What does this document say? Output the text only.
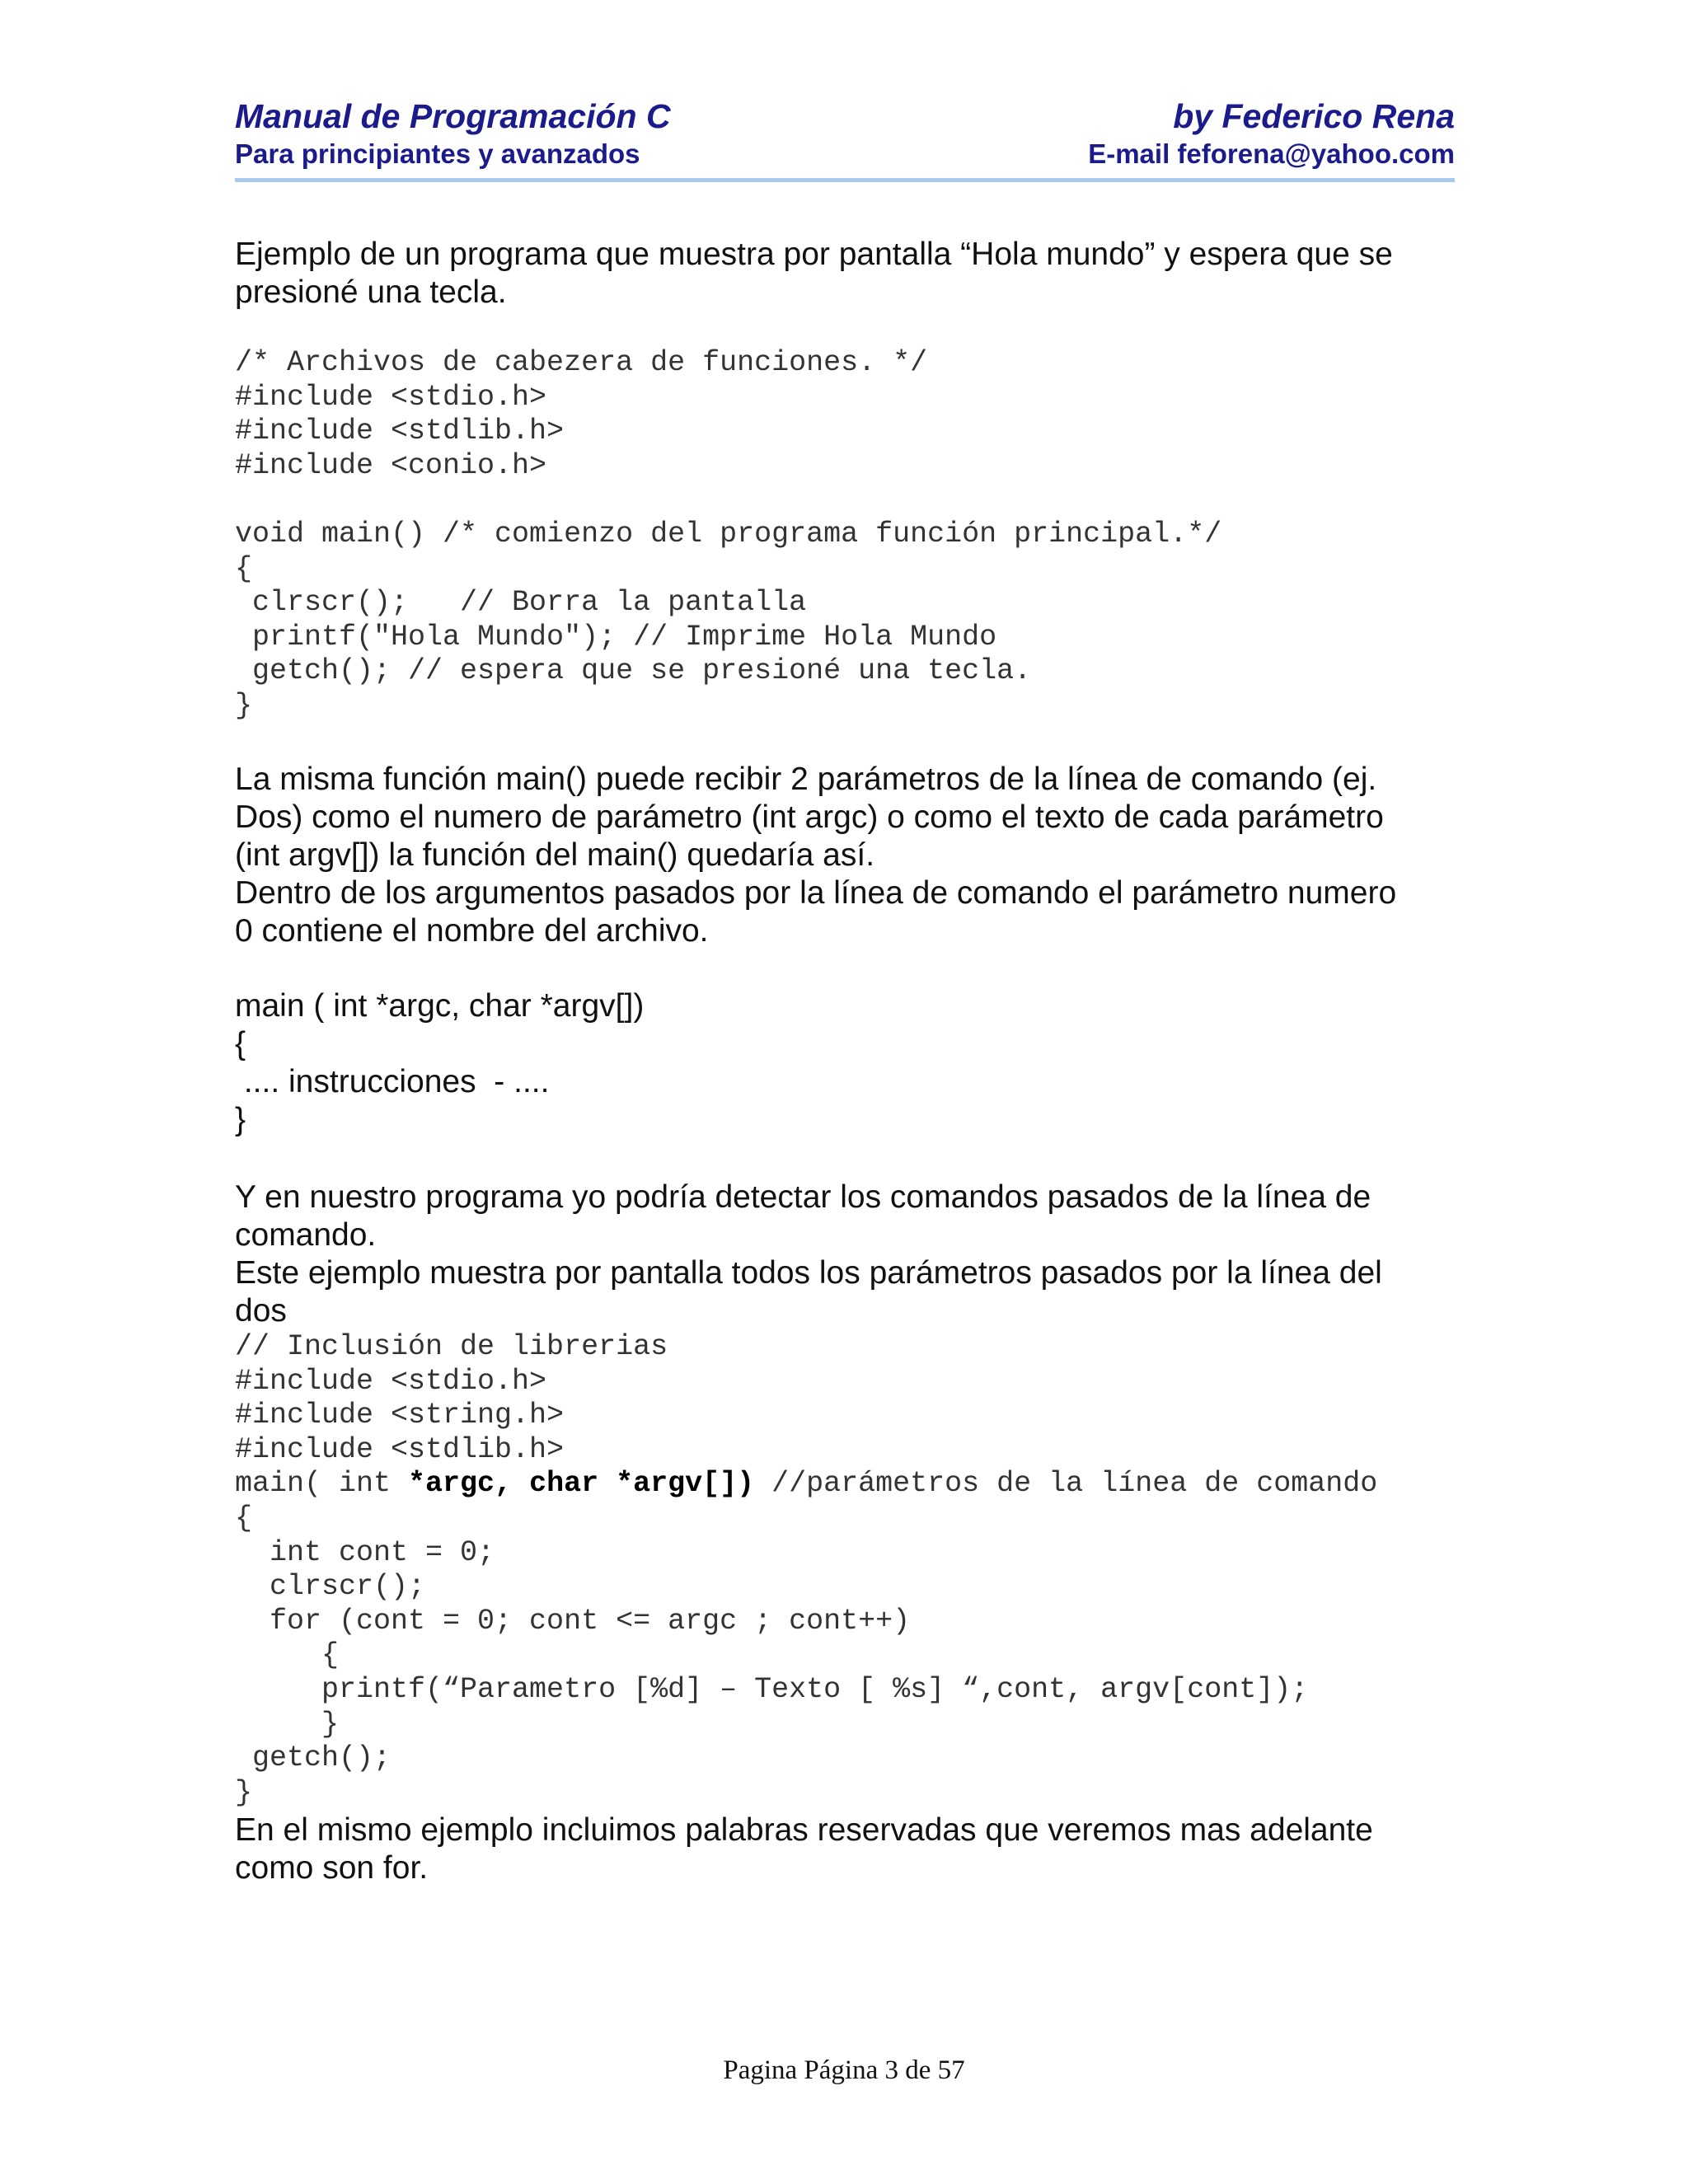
Manual de Programación C	by Federico Rena
Para principiantes y avanzados	E-mail feforena@yahoo.com

Ejemplo de un programa que muestra por pantalla “Hola mundo” y espera que se
presioné una tecla.

/* Archivos de cabezera de funciones. */
#include <stdio.h>
#include <stdlib.h>
#include <conio.h>

void main() /* comienzo del programa función principal.*/
{
clrscr();   // Borra la pantalla
printf("Hola Mundo"); // Imprime Hola Mundo
getch(); // espera que se presioné una tecla.
}

La misma función main() puede recibir 2 parámetros de la línea de comando (ej.
Dos) como el numero de parámetro (int argc) o como el texto de cada parámetro
(int argv[]) la función del main() quedaría así.
Dentro de los argumentos pasados por la línea de comando el parámetro numero
0 contiene el nombre del archivo.

main ( int *argc, char *argv[])
{
.... instrucciones  - ....
}

Y en nuestro programa yo podría detectar los comandos pasados de la línea de
comando.
Este ejemplo muestra por pantalla todos los parámetros pasados por la línea del
dos

// Inclusión de librerias
#include <stdio.h>
#include <string.h>
#include <stdlib.h>
main( int *argc, char *argv[]) //parámetros de la línea de comando
{
int cont = 0;
clrscr();
for (cont = 0; cont <= argc ; cont++)
{
printf(“Parametro [%d] – Texto [ %s] “,cont, argv[cont]);
}
getch();
}

En el mismo ejemplo incluimos palabras reservadas que veremos mas adelante
como son for.

Pagina Página 3 de 57
